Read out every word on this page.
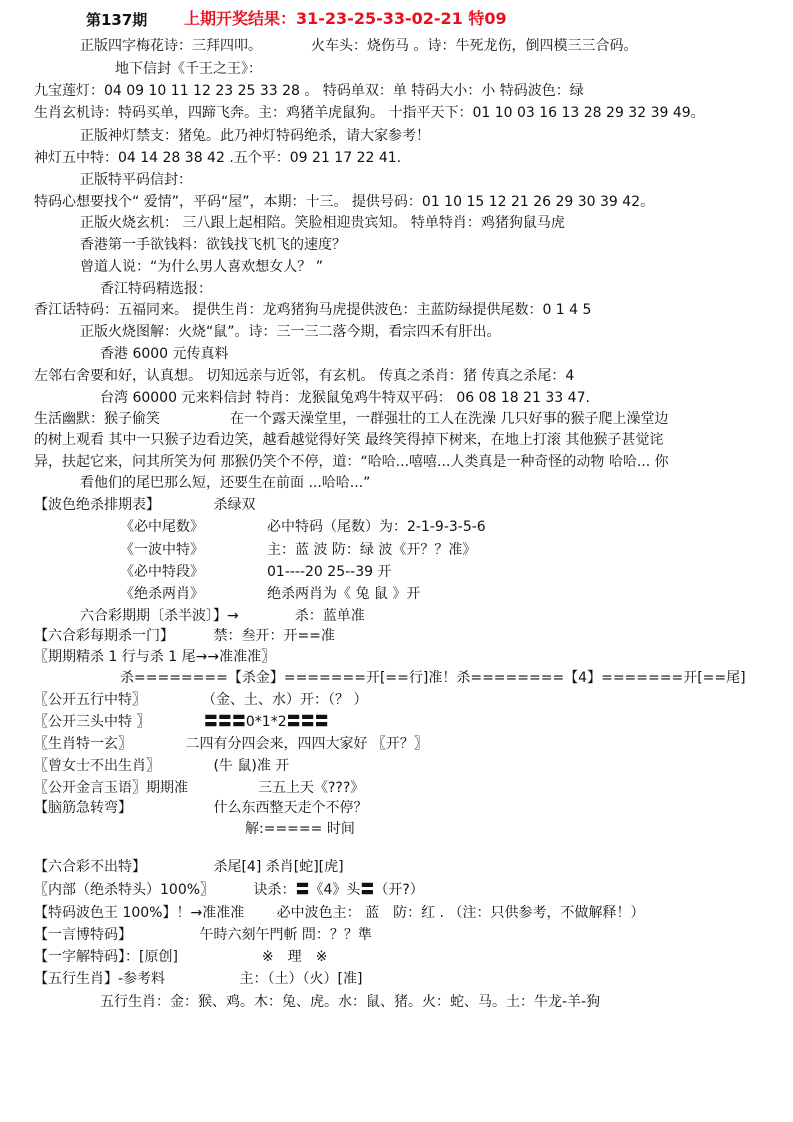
第137期 上期开奖结果：31-23-25-33-02-21 特09
正版四字梅花诗：三拜四叩。　　　　火车头：烧伤马 。诗：牛死龙伤，倒四模三三合码。
地下信封《千王之王》：
九宝莲灯：04 09 10 11 12 23 25 33 28 。 特码单双：单 特码大小：小 特码波色：绿
生肖玄机诗：特码买单，四蹄飞奔。主：鸡猪羊虎鼠狗。 十指平天下：01 10 03 16 13 28 29 32 39 49。
正版神灯禁支：猪兔。此乃神灯特码绝杀，请大家参考！
神灯五中特：04 14 28 38 42 .五个平：09 21 17 22 41.
正版特平码信封：
特码心想要找个“ 爱情”，平码“屋”，本期：十三。 提供号码：01 10 15 12 21 26 29 30 39 42。
正版火烧玄机： 三八跟上起相陪。笑脸相迎贵宾知。 特单特肖：鸡猪狗鼠马虎
香港第一手欲钱料：欲钱找飞机飞的速度？
曾道人说：“为什么男人喜欢想女人？ ”
香江特码精选报：
香江话特码：五福同来。 提供生肖：龙鸡猪狗马虎提供波色：主蓝防绿提供尾数：0 1 4 5
正版火烧图解：火烧“鼠”。诗：三一三二落今期，看宗四禾有肝出。
香港 6000 元传真料
左邻右舍要和好，认真想。 切知远亲与近邻，有玄机。 传真之杀肖：猪 传真之杀尾：4
台湾 60000 元来料信封 特肖：龙猴鼠兔鸡牛特双平码： 06 08 18 21 33 47.
生活幽默：猴子偷笑　　　　　在一个露天澡堂里，一群强壮的工人在洗澡 几只好事的猴子爬上澡堂边
的树上观看 其中一只猴子边看边笑，越看越觉得好笑 最终笑得掉下树来，在地上打滚 其他猴子甚觉诧
异，扶起它来，问其所笑为何 那猴仍笑个不停，道：“哈哈...嘻嘻...人类真是一种奇怪的动物 哈哈... 你
看他们的尾巴那么短，还要生在前面 ...哈哈...”
【波色绝杀排期表】　　　　 杀绿双
《必中尾数》　　　　　必中特码（尾数）为：2-1-9-3-5-6
《一波中特》　　　　　主：蓝 波 防：绿 波《开？？准》
《必中特段》　　　　　01----20 25--39 开
《绝杀两肖》　　　　　绝杀两肖为《 兔 鼠 》开
六合彩期期〔杀半波〕】→　　　　杀：蓝单准
【六合彩每期杀一门】　　　 禁：叁开：开==准
〖期期精杀 1 行与杀 1 尾→→准准准〗
杀========【杀金】=======开[==行]准！杀========【4】=======开[==尾]
〖公开五行中特〗　　　　　（金、土、水）开：（？ ）
〖公开三头中特 〗　　　　 〓〓〓0*1*2〓〓〓
〖生肖特一玄〗　　　　 二四有分四会来，四四大家好 〖开？〗
〖曾女士不出生肖〗　　　　 (牛 鼠)准 开
〖公开金言玉语〗期期准　　　　　三五上天《???》
【脑筋急转弯】　　　　　　 什么东西整天走个不停？
解:===== 时间
【六合彩不出特】　　　　　 杀尾[4] 杀肖[蛇][虎]
〖内部（绝杀特头）100%〗　　　 诀杀：〓《4》头〓（开?）
【特码波色王 100%】！→准准准　　 必中波色主： 蓝　防：红 . （注：只供参考，不做解释！）
【一言博特码】　　　　　 午時六刻午門斬 問：？？準
【一字解特码】：[原创]　　　　　　※　理　※
【五行生肖】-参考料　　　　　 主：（土）（火）[准]
五行生肖：金：猴、鸡。木：兔、虎。水：鼠、猪。火：蛇、马。土：牛龙-羊-狗
